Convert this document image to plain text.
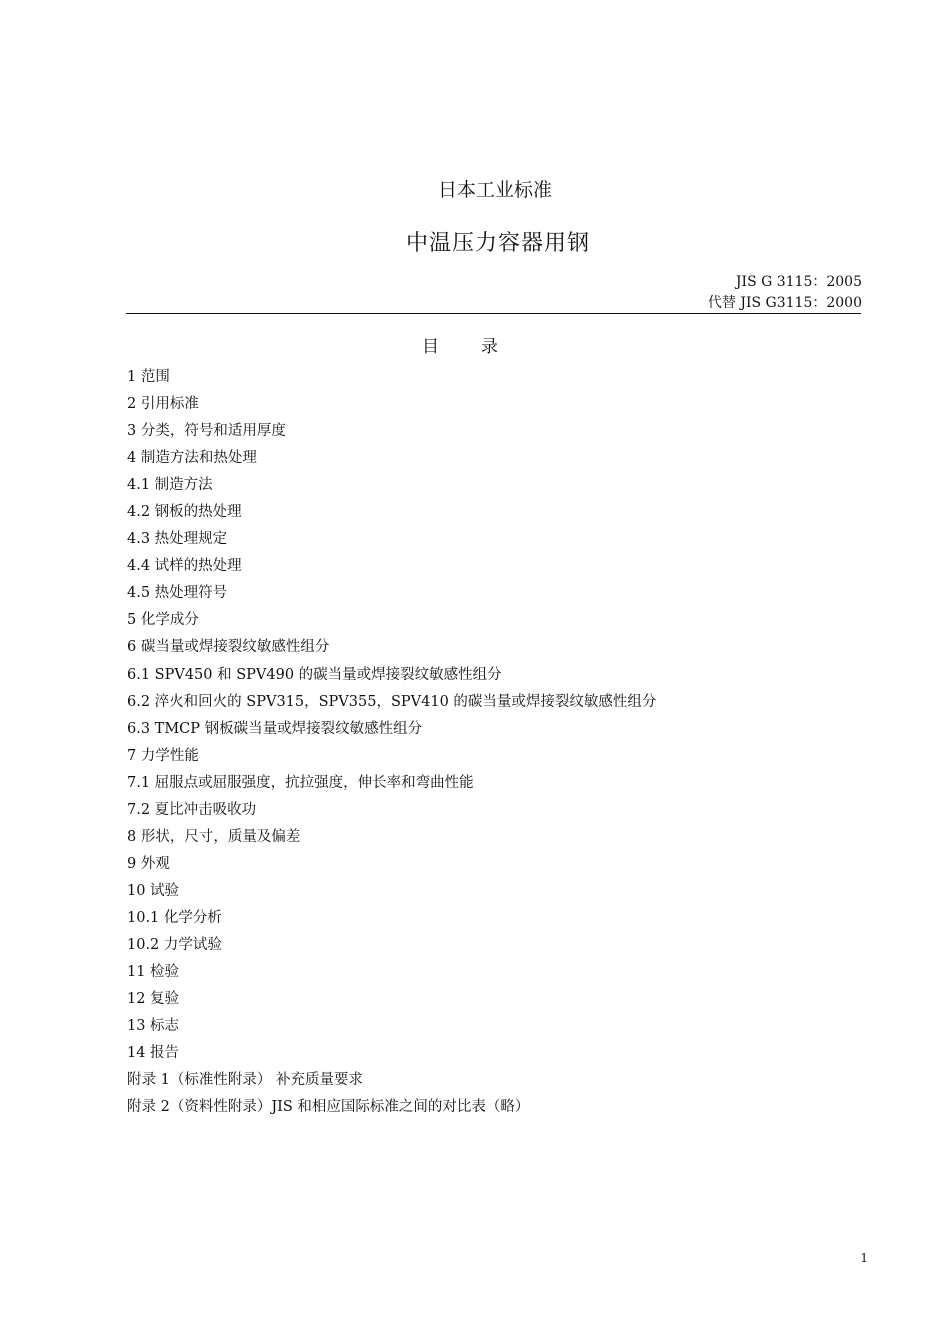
日本工业标准
中温压力容器用钢
JIS G 3115：2005
代替 JIS G3115：2000
目录
1 范围
2 引用标准
3 分类，符号和适用厚度
4 制造方法和热处理
4.1 制造方法
4.2 钢板的热处理
4.3 热处理规定
4.4 试样的热处理
4.5 热处理符号
5 化学成分
6 碳当量或焊接裂纹敏感性组分
6.1 SPV450 和 SPV490 的碳当量或焊接裂纹敏感性组分
6.2 淬火和回火的 SPV315，SPV355，SPV410 的碳当量或焊接裂纹敏感性组分
6.3 TMCP 钢板碳当量或焊接裂纹敏感性组分
7 力学性能
7.1 屈服点或屈服强度，抗拉强度，伸长率和弯曲性能
7.2 夏比冲击吸收功
8 形状，尺寸，质量及偏差
9 外观
10 试验
10.1 化学分析
10.2 力学试验
11 检验
12 复验
13 标志
14 报告
附录 1（标准性附录） 补充质量要求
附录 2（资料性附录）JIS 和相应国际标准之间的对比表（略）
1
